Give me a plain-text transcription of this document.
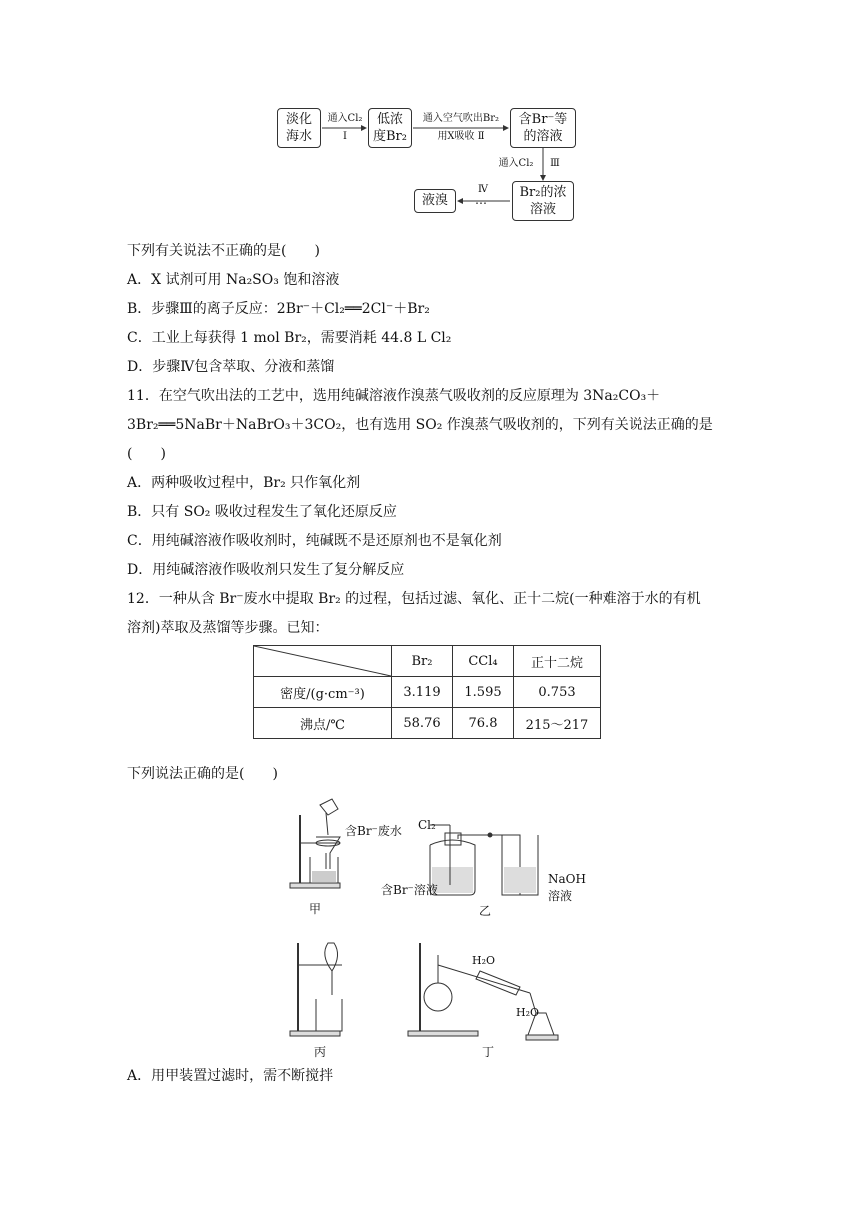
淡化
海水
低浓
度Br₂
含Br⁻等
的溶液
Br₂的浓
溶液
液溴
通入Cl₂
Ⅰ
通入空气吹出Br₂
用X吸收 Ⅱ
通入Cl₂	Ⅲ
Ⅳ
…
下列有关说法不正确的是(　　)
A．X 试剂可用 Na₂SO₃ 饱和溶液
B．步骤Ⅲ的离子反应：2Br⁻＋Cl₂══2Cl⁻＋Br₂
C．工业上每获得 1 mol Br₂，需要消耗 44.8 L Cl₂
D．步骤Ⅳ包含萃取、分液和蒸馏
11．在空气吹出法的工艺中，选用纯碱溶液作溴蒸气吸收剂的反应原理为 3Na₂CO₃＋
3Br₂══5NaBr＋NaBrO₃＋3CO₂，也有选用 SO₂ 作溴蒸气吸收剂的，下列有关说法正确的是
(　　)
A．两种吸收过程中，Br₂ 只作氧化剂
B．只有 SO₂ 吸收过程发生了氧化还原反应
C．用纯碱溶液作吸收剂时，纯碱既不是还原剂也不是氧化剂
D．用纯碱溶液作吸收剂只发生了复分解反应
12．一种从含 Br⁻废水中提取 Br₂ 的过程，包括过滤、氧化、正十二烷(一种难溶于水的有机
溶剂)萃取及蒸馏等步骤。已知：
	Br₂	CCl₄	正十二烷
密度/(g·cm⁻³)	3.119	1.595	0.753
沸点/℃	58.76	76.8	215～217
下列说法正确的是(　　)
含Br⁻废水
甲
Cl₂
含Br⁻溶液
NaOH
溶液
乙
丙
H₂O
H₂O
丁
A．用甲装置过滤时，需不断搅拌
